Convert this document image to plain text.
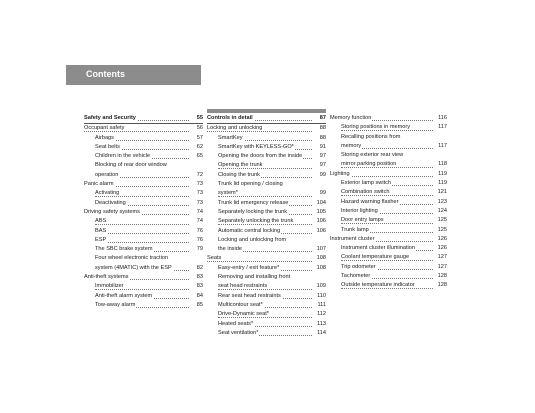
Contents
Safety and Security	55
Occupant safety	56
Airbags	57
Seat belts	62
Children in the vehicle	65
Blocking of rear door window
operation	72
Panic alarm	73
Activating	73
Deactivating	73
Driving safety systems	74
ABS	74
BAS	76
ESP	76
The SBC brake system	79
Four wheel electronic traction
system (4MATIC) with the ESP	82
Anti-theft systems	83
Immobilizer	83
Anti-theft alarm system	84
Tow-away alarm	85
Controls in detail	87
Locking and unlocking	88
SmartKey	88
SmartKey with KEYLESS-GO*	91
Opening the doors from the inside	97
Opening the trunk	97
Closing the trunk	99
Trunk lid opening / closing
system*	99
Trunk lid emergency release	104
Separately locking the trunk	105
Separately unlocking the trunk	106
Automatic central locking	106
Locking and unlocking from
the inside	107
Seats	108
Easy-entry / exit feature*	108
Removing and installing front
seat head restraints	109
Rear seat head restraints	110
Multicontour seat*	111
Drive-Dynamic seat*	112
Heated seats*	113
Seat ventilation*	114
Memory function	116
Storing positions in memory	117
Recalling positions from
memory	117
Storing exterior rear view
mirror parking position	118
Lighting	119
Exterior lamp switch	119
Combination switch	121
Hazard warning flasher	123
Interior lighting	124
Door entry lamps	125
Trunk lamp	125
Instrument cluster	126
Instrument cluster illumination	126
Coolant temperature gauge	127
Trip odometer	127
Tachometer	128
Outside temperature indicator	128
